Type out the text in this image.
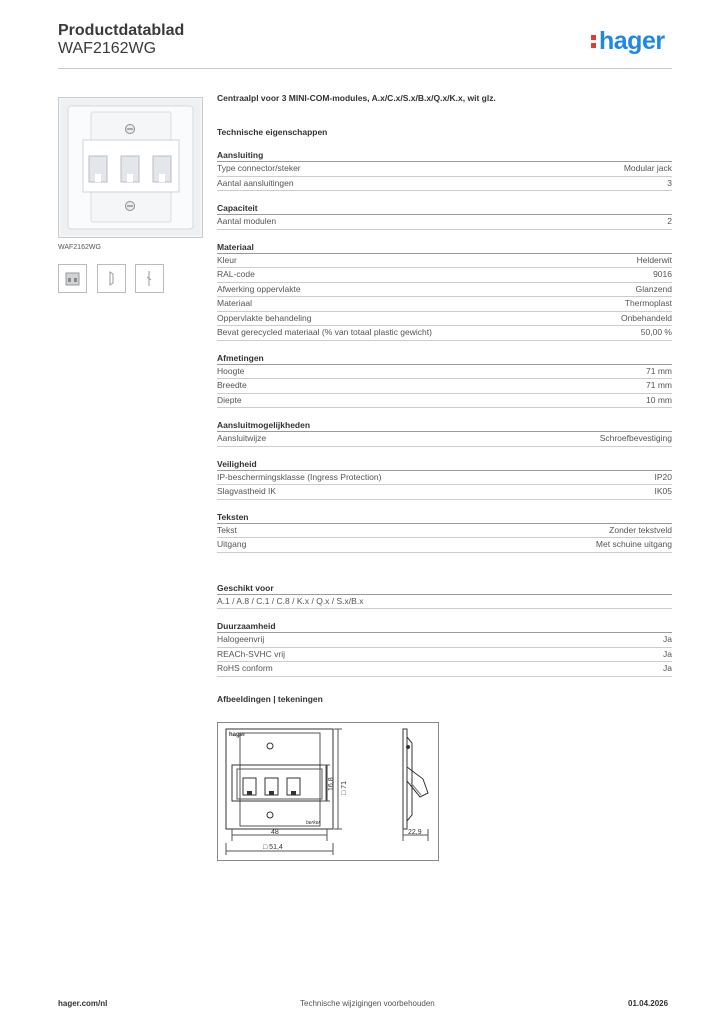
Productdatablad
WAF2162WG	hager
WAF2162WG
Centraalpl voor 3 MINI-COM-modules, A.x/C.x/S.x/B.x/Q.x/K.x, wit glz.
Technische eigenschappen
Aansluiting
Type connector/steker	Modular jack
Aantal aansluitingen	3
Capaciteit
Aantal modulen	2
Materiaal
Kleur	Helderwit
RAL-code	9016
Afwerking oppervlakte	Glanzend
Materiaal	Thermoplast
Oppervlakte behandeling	Onbehandeld
Bevat gerecycled materiaal (% van totaal plastic gewicht)	50,00 %
Afmetingen
Hoogte	71 mm
Breedte	71 mm
Diepte	10 mm
Aansluitmogelijkheden
Aansluitwijze	Schroefbevestiging
Veiligheid
IP-beschermingsklasse (Ingress Protection)	IP20
Slagvastheid IK	IK05
Teksten
Tekst	Zonder tekstveld
Uitgang	Met schuine uitgang
Geschikt voor
A.1 / A.8 / C.1 / C.8 / K.x / Q.x / S.x/B.x
Duurzaamheid
Halogeenvrij	Ja
REACh-SVHC vrij	Ja
RoHS conform	Ja
Afbeeldingen | tekeningen
hager
berker
16,8 □ 71
48
□ 51,4
22,9
hager.com/nl	Technische wijzigingen voorbehouden	01.04.2026
